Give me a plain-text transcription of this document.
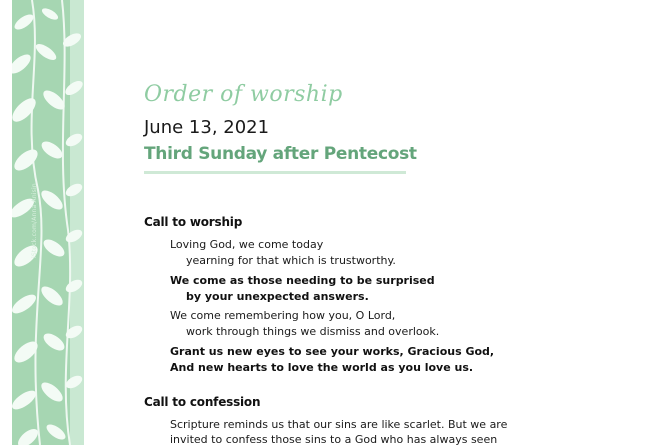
iStock.com/Anna Anisin
Order of worship
June 13, 2021
Third Sunday after Pentecost
Call to worship
Loving God, we come today
yearning for that which is trustworthy.
We come as those needing to be surprised
by your unexpected answers.
We come remembering how you, O Lord,
work through things we dismiss and overlook.
Grant us new eyes to see your works, Gracious God,
And new hearts to love the world as you love us.
Call to confession
Scripture reminds us that our sins are like scarlet. But we are
invited to confess those sins to a God who has always seen
